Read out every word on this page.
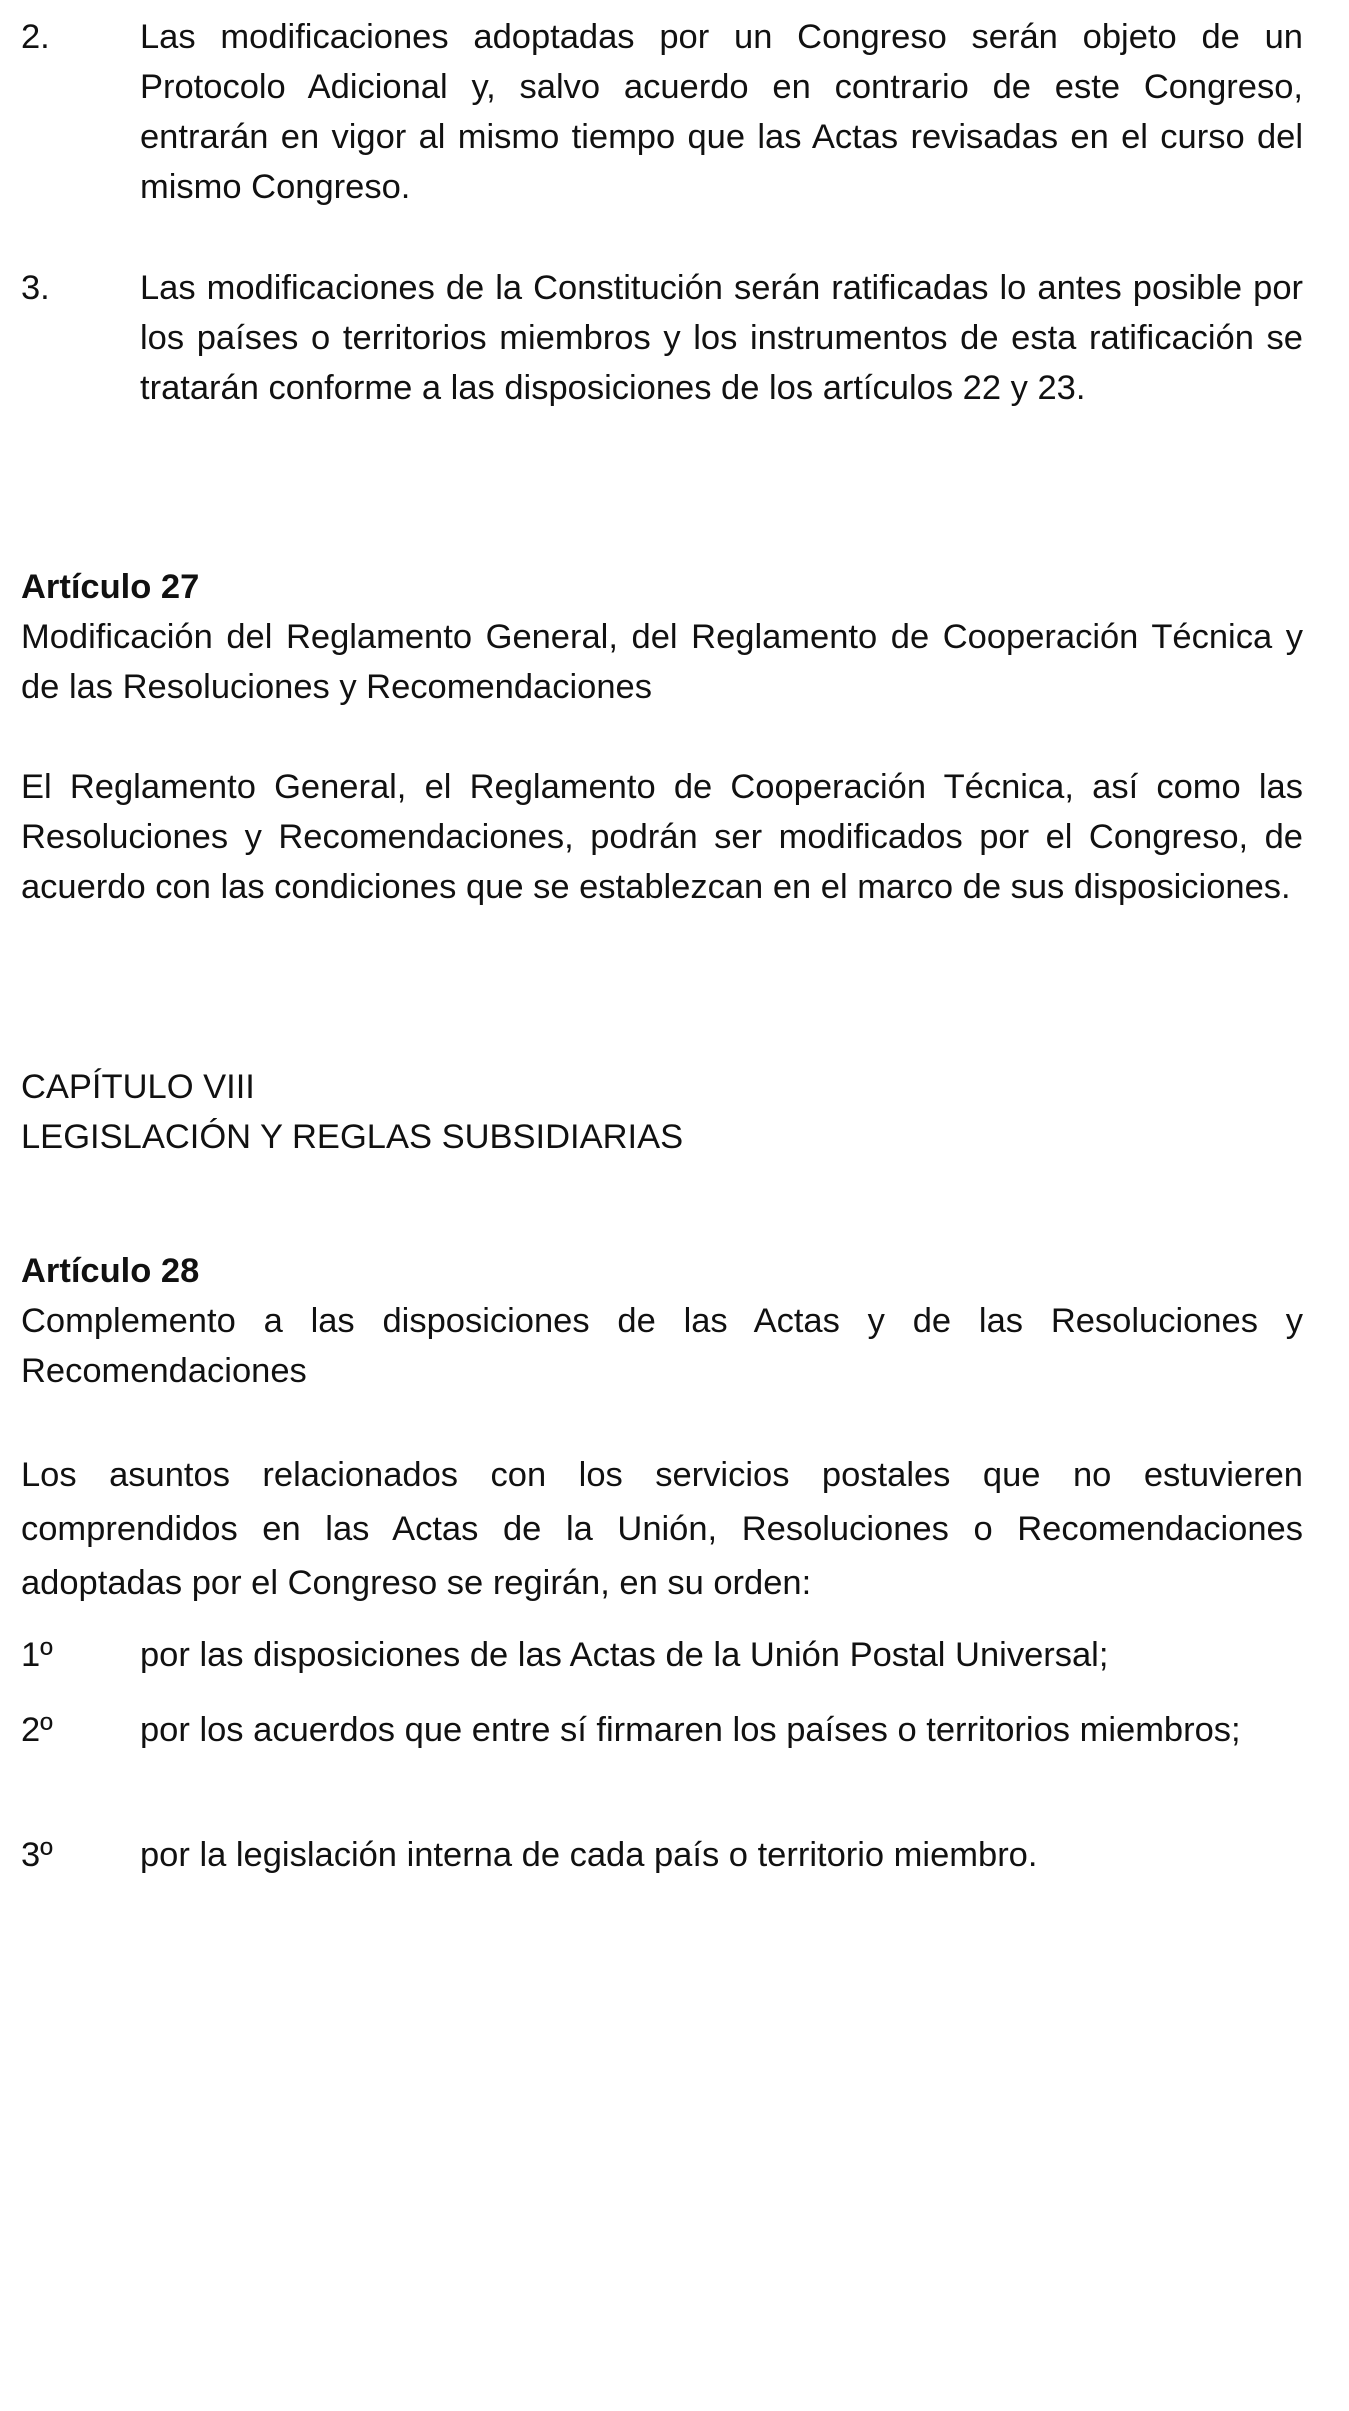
2.	Las modificaciones adoptadas por un Congreso serán objeto de un Protocolo Adicional y, salvo acuerdo en contrario de este Congreso, entrarán en vigor al mismo tiempo que las Actas revisadas en el curso del mismo Congreso.
3.	Las modificaciones de la Constitución serán ratificadas lo antes posible por los países o territorios miembros y los instrumentos de esta ratificación se tratarán conforme a las disposiciones de los artículos 22 y 23.
Artículo 27
Modificación del Reglamento General, del Reglamento de Cooperación Técnica y de las Resoluciones y Recomendaciones
El Reglamento General, el Reglamento de Cooperación Técnica, así como las Resoluciones y Recomendaciones, podrán ser modificados por el Congreso, de acuerdo con las condiciones que se establezcan en el marco de sus disposiciones.
CAPÍTULO VIII
LEGISLACIÓN Y REGLAS SUBSIDIARIAS
Artículo 28
Complemento a las disposiciones de las Actas y de las Resoluciones y Recomendaciones
Los asuntos relacionados con los servicios postales que no estuvieren comprendidos en las Actas de la Unión, Resoluciones o Recomendaciones adoptadas por el Congreso se regirán, en su orden:
1º	por las disposiciones de las Actas de la Unión Postal Universal;
2º	por los acuerdos que entre sí firmaren los países o territorios miembros;
3º	por la legislación interna de cada país o territorio miembro.
